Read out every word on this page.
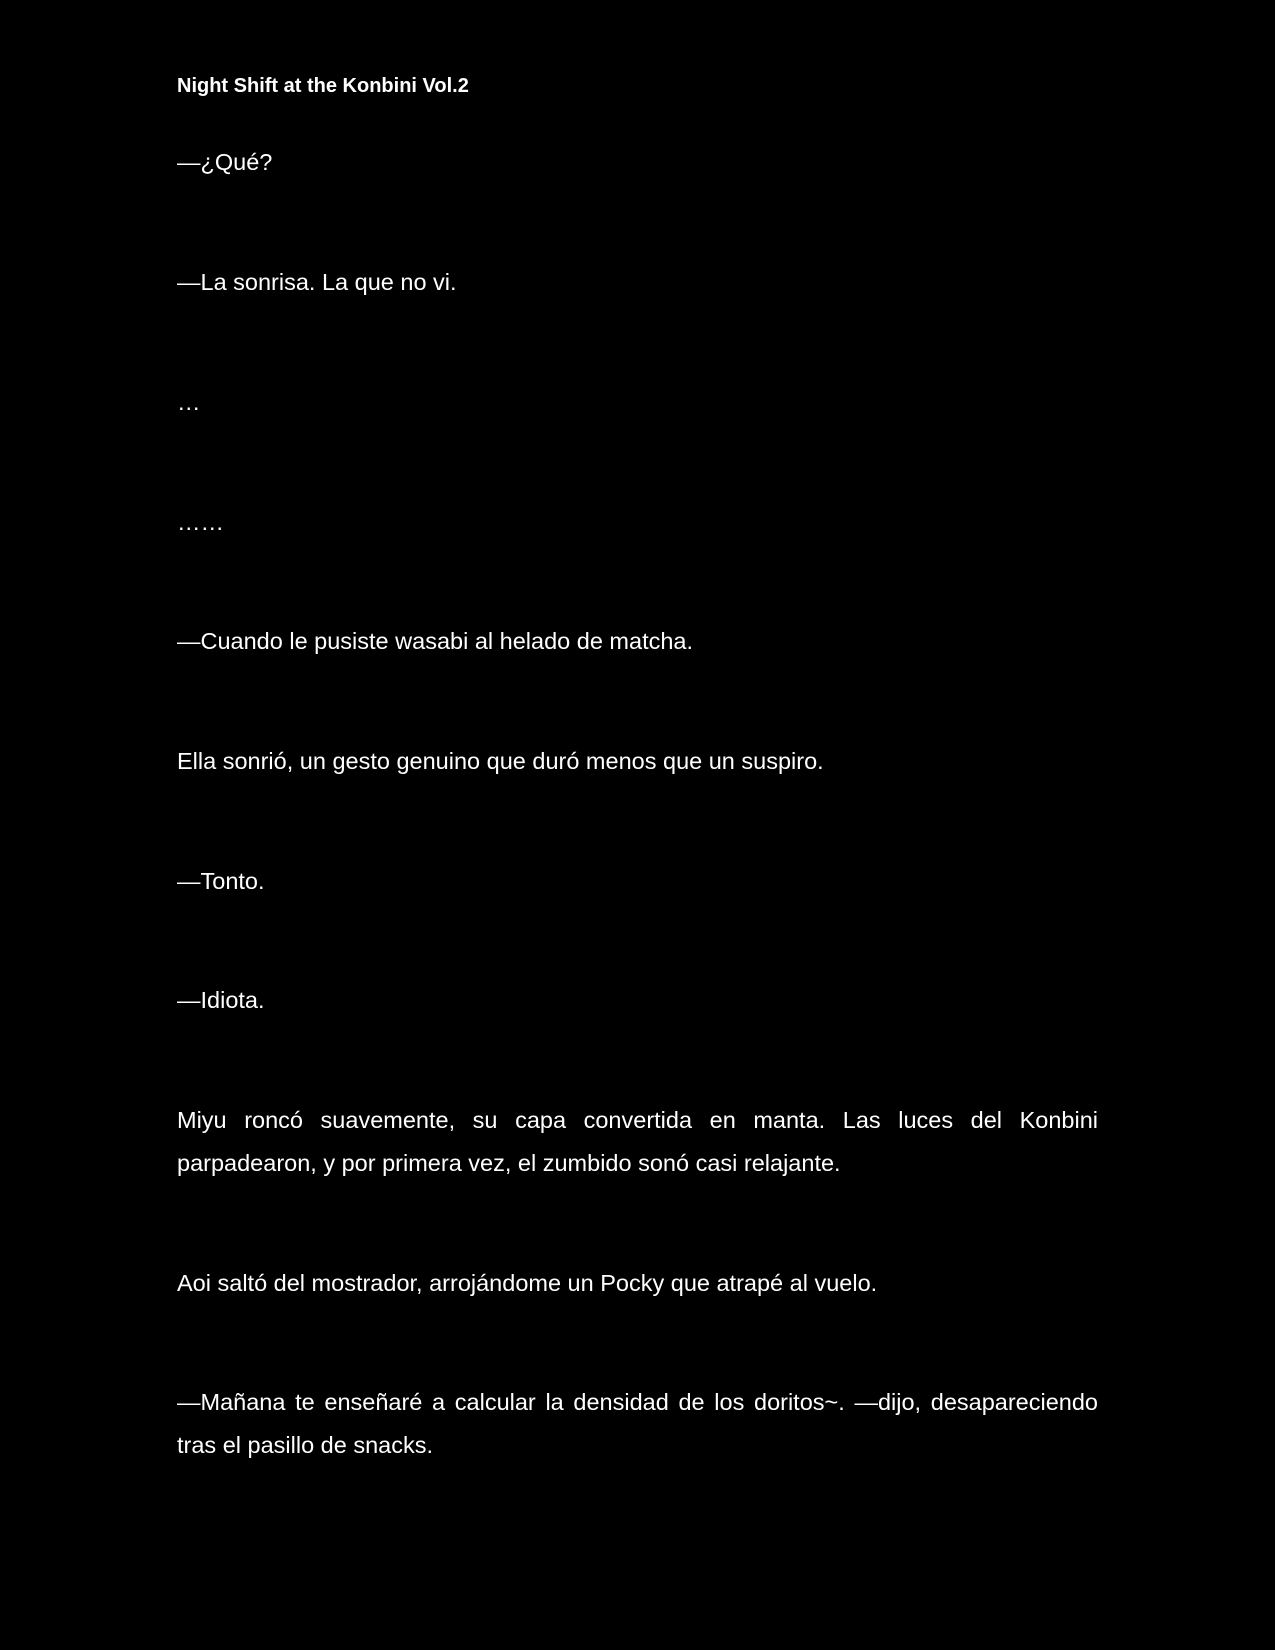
Night Shift at the Konbini Vol.2

—¿Qué?

—La sonrisa. La que no vi.

…

……

—Cuando le pusiste wasabi al helado de matcha.

Ella sonrió, un gesto genuino que duró menos que un suspiro.

—Tonto.

—Idiota.

Miyu roncó suavemente, su capa convertida en manta. Las luces del Konbini parpadearon, y por primera vez, el zumbido sonó casi relajante.

Aoi saltó del mostrador, arrojándome un Pocky que atrapé al vuelo.

—Mañana te enseñaré a calcular la densidad de los doritos~. —dijo, desapareciendo tras el pasillo de snacks.
